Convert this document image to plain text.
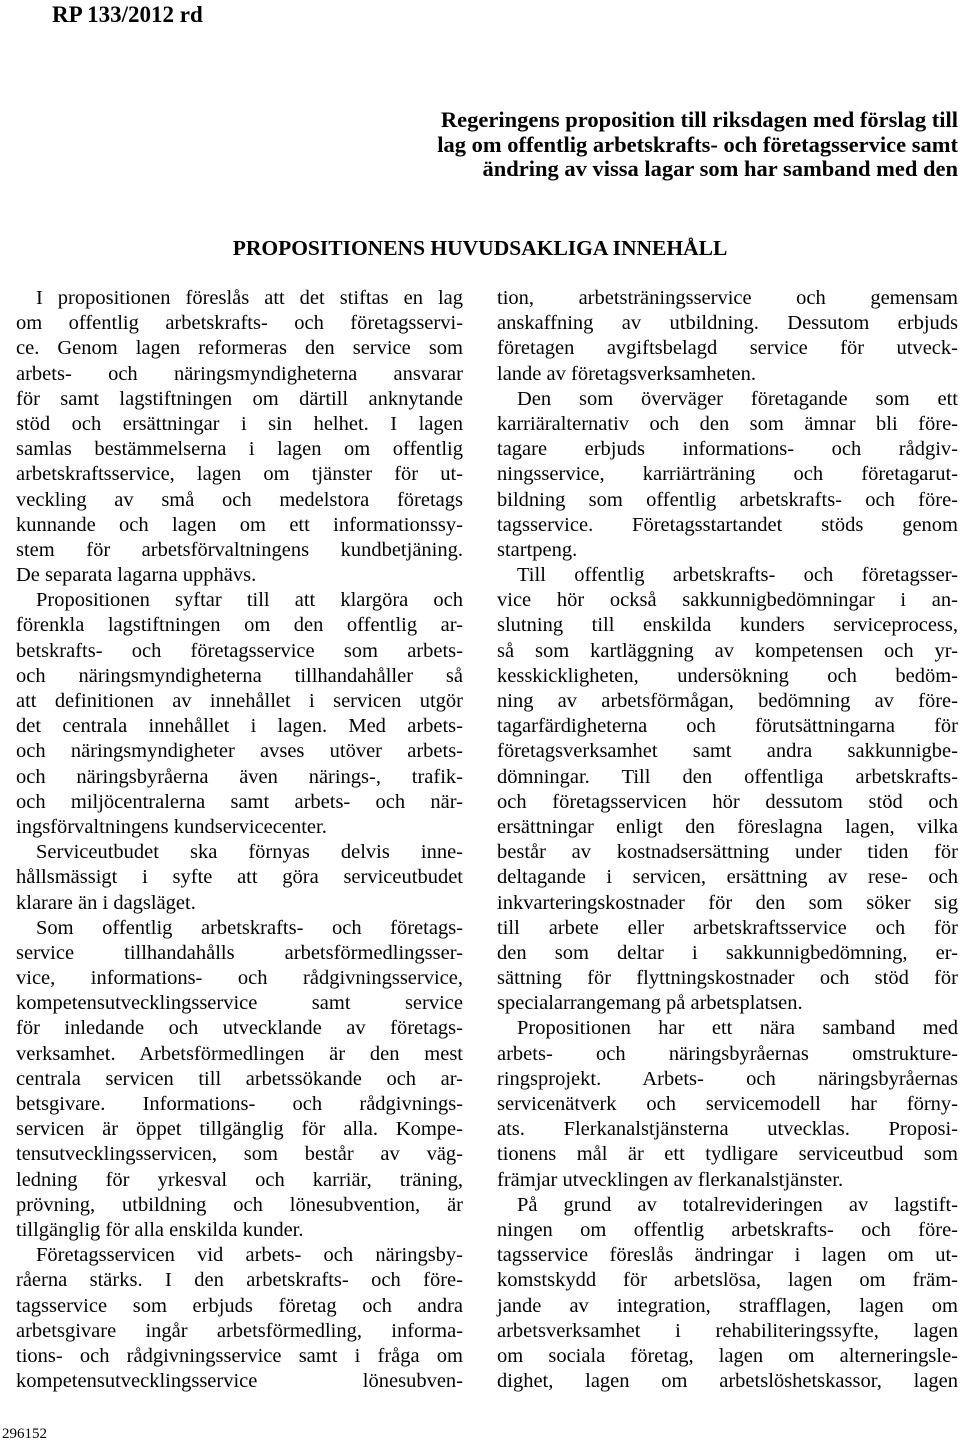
RP 133/2012 rd
Regeringens proposition till riksdagen med förslag till
lag om offentlig arbetskrafts- och företagsservice samt
ändring av vissa lagar som har samband med den
PROPOSITIONENS HUVUDSAKLIGA INNEHÅLL
I propositionen föreslås att det stiftas en lag
om offentlig arbetskrafts- och företagsservi-
ce. Genom lagen reformeras den service som
arbets- och näringsmyndigheterna ansvarar
för samt lagstiftningen om därtill anknytande
stöd och ersättningar i sin helhet. I lagen
samlas bestämmelserna i lagen om offentlig
arbetskraftsservice, lagen om tjänster för ut-
veckling av små och medelstora företags
kunnande och lagen om ett informationssy-
stem för arbetsförvaltningens kundbetjäning.
De separata lagarna upphävs.
Propositionen syftar till att klargöra och
förenkla lagstiftningen om den offentlig ar-
betskrafts- och företagsservice som arbets-
och näringsmyndigheterna tillhandahåller så
att definitionen av innehållet i servicen utgör
det centrala innehållet i lagen. Med arbets-
och näringsmyndigheter avses utöver arbets-
och näringsbyråerna även närings-, trafik-
och miljöcentralerna samt arbets- och när-
ingsförvaltningens kundservicecenter.
Serviceutbudet ska förnyas delvis inne-
hållsmässigt i syfte att göra serviceutbudet
klarare än i dagsläget.
Som offentlig arbetskrafts- och företags-
service tillhandahålls arbetsförmedlingsser-
vice, informations- och rådgivningsservice,
kompetensutvecklingsservice samt service
för inledande och utvecklande av företags-
verksamhet. Arbetsförmedlingen är den mest
centrala servicen till arbetssökande och ar-
betsgivare. Informations- och rådgivnings-
servicen är öppet tillgänglig för alla. Kompe-
tensutvecklingsservicen, som består av väg-
ledning för yrkesval och karriär, träning,
prövning, utbildning och lönesubvention, är
tillgänglig för alla enskilda kunder.
Företagsservicen vid arbets- och näringsby-
råerna stärks. I den arbetskrafts- och före-
tagsservice som erbjuds företag och andra
arbetsgivare ingår arbetsförmedling, informa-
tions- och rådgivningsservice samt i fråga om
kompetensutvecklingsservice lönesubven-
tion, arbetsträningsservice och gemensam
anskaffning av utbildning. Dessutom erbjuds
företagen avgiftsbelagd service för utveck-
lande av företagsverksamheten.
Den som överväger företagande som ett
karriäralternativ och den som ämnar bli före-
tagare erbjuds informations- och rådgiv-
ningsservice, karriärträning och företagarut-
bildning som offentlig arbetskrafts- och före-
tagsservice. Företagsstartandet stöds genom
startpeng.
Till offentlig arbetskrafts- och företagsser-
vice hör också sakkunnigbedömningar i an-
slutning till enskilda kunders serviceprocess,
så som kartläggning av kompetensen och yr-
kesskickligheten, undersökning och bedöm-
ning av arbetsförmågan, bedömning av före-
tagarfärdigheterna och förutsättningarna för
företagsverksamhet samt andra sakkunnigbe-
dömningar. Till den offentliga arbetskrafts-
och företagsservicen hör dessutom stöd och
ersättningar enligt den föreslagna lagen, vilka
består av kostnadsersättning under tiden för
deltagande i servicen, ersättning av rese- och
inkvarteringskostnader för den som söker sig
till arbete eller arbetskraftsservice och för
den som deltar i sakkunnigbedömning, er-
sättning för flyttningskostnader och stöd för
specialarrangemang på arbetsplatsen.
Propositionen har ett nära samband med
arbets- och näringsbyråernas omstrukture-
ringsprojekt. Arbets- och näringsbyråernas
servicenätverk och servicemodell har förny-
ats. Flerkanalstjänsterna utvecklas. Proposi-
tionens mål är ett tydligare serviceutbud som
främjar utvecklingen av flerkanalstjänster.
På grund av totalrevideringen av lagstift-
ningen om offentlig arbetskrafts- och före-
tagsservice föreslås ändringar i lagen om ut-
komstskydd för arbetslösa, lagen om främ-
jande av integration, strafflagen, lagen om
arbetsverksamhet i rehabiliteringssyfte, lagen
om sociala företag, lagen om alterneringsle-
dighet, lagen om arbetslöshetskassor, lagen
296152
